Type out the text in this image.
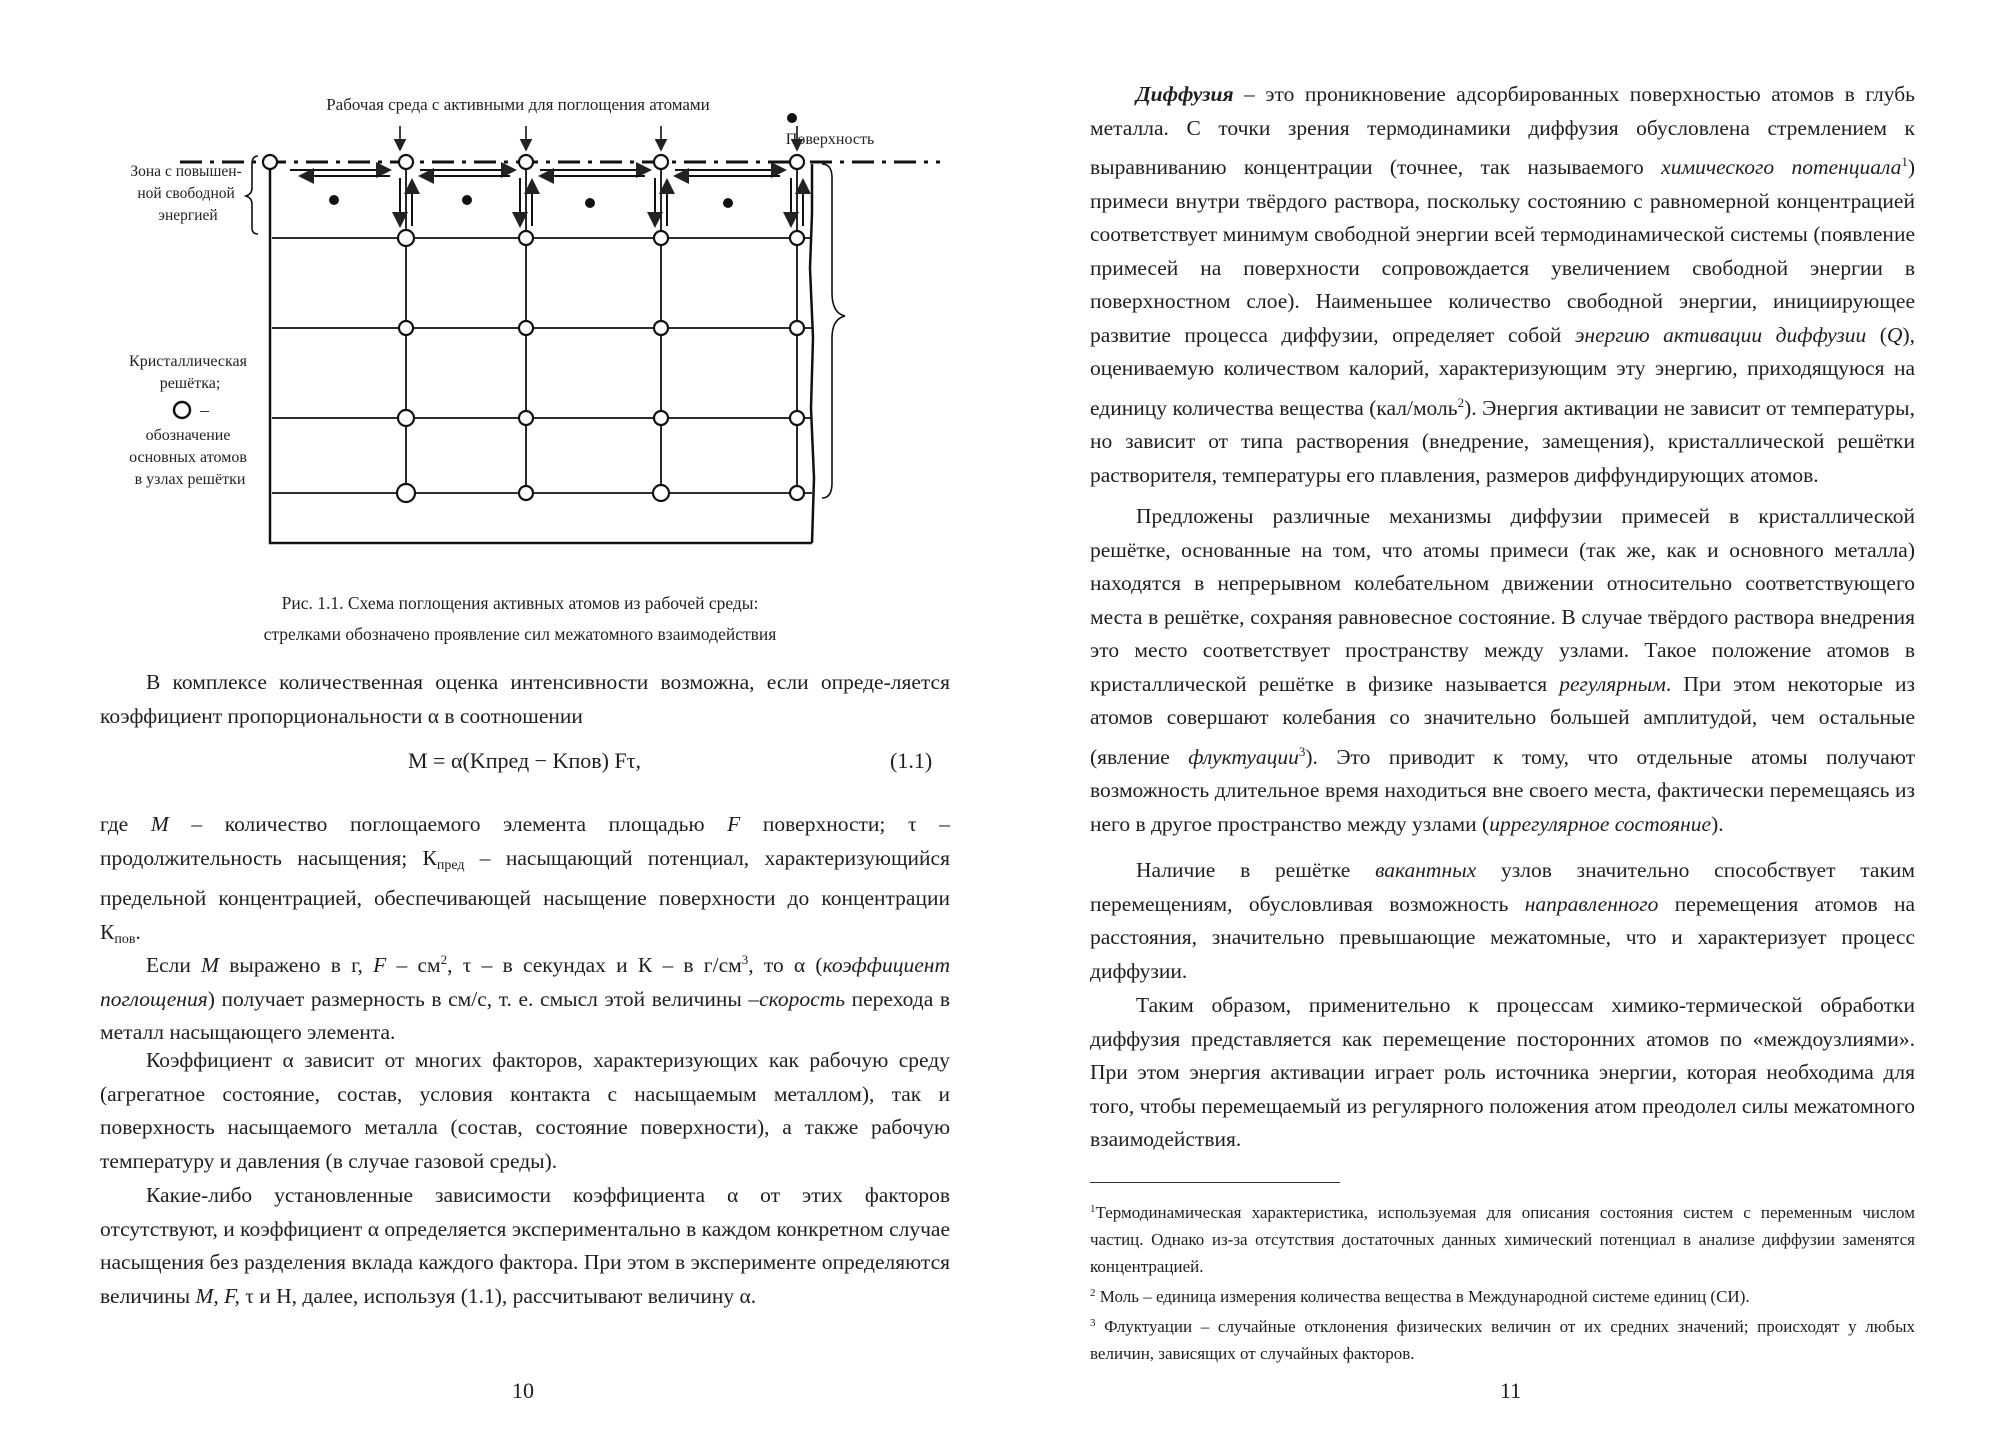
Рабочая среда с активными для поглощения атомами
Поверхность
Зона с повышен- ной свободной энергией
Кристаллическая решётка;
–
обозначение основных атомов в узлах решётки
Рис. 1.1. Схема поглощения активных атомов из рабочей среды:
стрелками обозначено проявление сил межатомного взаимодействия

В комплексе количественная оценка интенсивности возможна, если опреде-ляется коэффициент пропорциональности α в соотношении

M = α(Kпред − Kпов) Fτ,	(1.1)

где M – количество поглощаемого элемента площадью F поверхности; τ – продолжительность насыщения; $К_{пред}$ – насыщающий потенциал, характеризующийся предельной концентрацией, обеспечивающей насыщение поверхности до концентрации $К_{пов}$.

Если M выражено в г, F – $см^2$, τ – в секундах и К – в $г/см^3$, то α (коэффициент поглощения) получает размерность в см/с, т. е. смысл этой величины –скорость перехода в металл насыщающего элемента.

Коэффициент α зависит от многих факторов, характеризующих как рабочую среду (агрегатное состояние, состав, условия контакта с насыщаемым металлом), так и поверхность насыщаемого металла (состав, состояние поверхности), а также рабочую температуру и давления (в случае газовой среды).

Какие-либо установленные зависимости коэффициента α от этих факторов отсутствуют, и коэффициент α определяется экспериментально в каждом конкретном случае насыщения без разделения вклада каждого фактора. При этом в эксперименте определяются величины M, F, τ и Н, далее, используя (1.1), рассчитывают величину α.

10

Диффузия – это проникновение адсорбированных поверхностью атомов в глубь металла. С точки зрения термодинамики диффузия обусловлена стремлением к выравниванию концентрации (точнее, так называемого химического потенциала$^1$) примеси внутри твёрдого раствора, поскольку состоянию с равномерной концентрацией соответствует минимум свободной энергии всей термодинамической системы (появление примесей на поверхности сопровождается увеличением свободной энергии в поверхностном слое). Наименьшее количество свободной энергии, инициирующее развитие процесса диффузии, определяет собой энергию активации диффузии (Q), оцениваемую количеством калорий, характеризующим эту энергию, приходящуюся на единицу количества вещества (кал/моль$^2$). Энергия активации не зависит от температуры, но зависит от типа растворения (внедрение, замещения), кристаллической решётки растворителя, температуры его плавления, размеров диффундирующих атомов.

Предложены различные механизмы диффузии примесей в кристаллической решётке, основанные на том, что атомы примеси (так же, как и основного металла) находятся в непрерывном колебательном движении относительно соответствующего места в решётке, сохраняя равновесное состояние. В случае твёрдого раствора внедрения это место соответствует пространству между узлами. Такое положение атомов в кристаллической решётке в физике называется регулярным. При этом некоторые из атомов совершают колебания со значительно большей амплитудой, чем остальные (явление флуктуации$^3$). Это приводит к тому, что отдельные атомы получают возможность длительное время находиться вне своего места, фактически перемещаясь из него в другое пространство между узлами (иррегулярное состояние).

Наличие в решётке вакантных узлов значительно способствует таким перемещениям, обусловливая возможность направленного перемещения атомов на расстояния, значительно превышающие межатомные, что и характеризует процесс диффузии.

Таким образом, применительно к процессам химико-термической обработки диффузия представляется как перемещение посторонних атомов по «междоузлиями». При этом энергия активации играет роль источника энергии, которая необходима для того, чтобы перемещаемый из регулярного положения атом преодолел силы межатомного взаимодействия.

$^1$Термодинамическая характеристика, используемая для описания состояния систем с переменным числом частиц. Однако из-за отсутствия достаточных данных химический потенциал в анализе диффузии заменятся концентрацией.

$^2$ Моль – единица измерения количества вещества в Международной системе единиц (СИ).

$^3$ Флуктуации – случайные отклонения физических величин от их средних значений; происходят у любых величин, зависящих от случайных факторов.

11
